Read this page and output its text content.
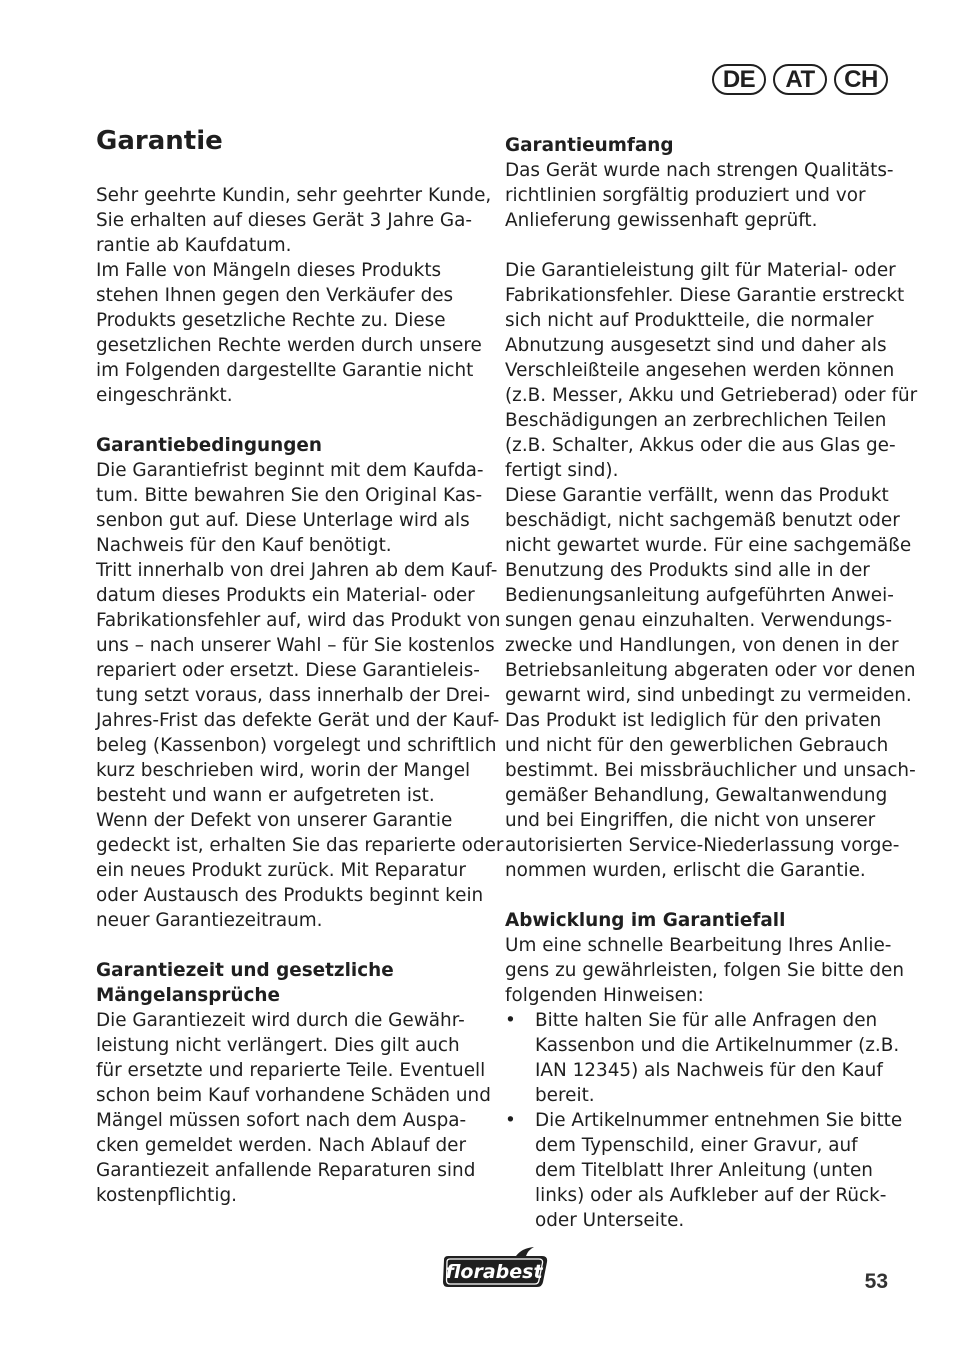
DE	AT	CH
Garantie
Sehr geehrte Kundin, sehr geehrter Kunde,
Sie erhalten auf dieses Gerät 3 Jahre Ga-
rantie ab Kaufdatum.
Im Falle von Mängeln dieses Produkts
stehen Ihnen gegen den Verkäufer des
Produkts gesetzliche Rechte zu. Diese
gesetzlichen Rechte werden durch unsere
im Folgenden dargestellte Garantie nicht
eingeschränkt.
Garantiebedingungen
Die Garantiefrist beginnt mit dem Kaufda-
tum. Bitte bewahren Sie den Original Kas-
senbon gut auf. Diese Unterlage wird als
Nachweis für den Kauf benötigt.
Tritt innerhalb von drei Jahren ab dem Kauf-
datum dieses Produkts ein Material- oder
Fabrikationsfehler auf, wird das Produkt von
uns – nach unserer Wahl – für Sie kostenlos
repariert oder ersetzt. Diese Garantieleis-
tung setzt voraus, dass innerhalb der Drei-
Jahres-Frist das defekte Gerät und der Kauf-
beleg (Kassenbon) vorgelegt und schriftlich
kurz beschrieben wird, worin der Mangel
besteht und wann er aufgetreten ist.
Wenn der Defekt von unserer Garantie
gedeckt ist, erhalten Sie das reparierte oder
ein neues Produkt zurück. Mit Reparatur
oder Austausch des Produkts beginnt kein
neuer Garantiezeitraum.
Garantiezeit und gesetzliche
Mängelansprüche
Die Garantiezeit wird durch die Gewähr-
leistung nicht verlängert. Dies gilt auch
für ersetzte und reparierte Teile. Eventuell
schon beim Kauf vorhandene Schäden und
Mängel müssen sofort nach dem Auspa-
cken gemeldet werden. Nach Ablauf der
Garantiezeit anfallende Reparaturen sind
kostenpflichtig.
Garantieumfang
Das Gerät wurde nach strengen Qualitäts-
richtlinien sorgfältig produziert und vor
Anlieferung gewissenhaft geprüft.
Die Garantieleistung gilt für Material- oder
Fabrikationsfehler. Diese Garantie erstreckt
sich nicht auf Produktteile, die normaler
Abnutzung ausgesetzt sind und daher als
Verschleißteile angesehen werden können
(z.B. Messer, Akku und Getrieberad) oder für
Beschädigungen an zerbrechlichen Teilen
(z.B. Schalter, Akkus oder die aus Glas ge-
fertigt sind).
Diese Garantie verfällt, wenn das Produkt
beschädigt, nicht sachgemäß benutzt oder
nicht gewartet wurde. Für eine sachgemäße
Benutzung des Produkts sind alle in der
Bedienungsanleitung aufgeführten Anwei-
sungen genau einzuhalten. Verwendungs-
zwecke und Handlungen, von denen in der
Betriebsanleitung abgeraten oder vor denen
gewarnt wird, sind unbedingt zu vermeiden.
Das Produkt ist lediglich für den privaten
und nicht für den gewerblichen Gebrauch
bestimmt. Bei missbräuchlicher und unsach-
gemäßer Behandlung, Gewaltanwendung
und bei Eingriffen, die nicht von unserer
autorisierten Service-Niederlassung vorge-
nommen wurden, erlischt die Garantie.
Abwicklung im Garantiefall
Um eine schnelle Bearbeitung Ihres Anlie-
gens zu gewährleisten, folgen Sie bitte den
folgenden Hinweisen:
• Bitte halten Sie für alle Anfragen den
Kassenbon und die Artikelnummer (z.B.
IAN 12345) als Nachweis für den Kauf
bereit.
• Die Artikelnummer entnehmen Sie bitte
dem Typenschild, einer Gravur, auf
dem Titelblatt Ihrer Anleitung (unten
links) oder als Aufkleber auf der Rück-
oder Unterseite.
florabest	53
